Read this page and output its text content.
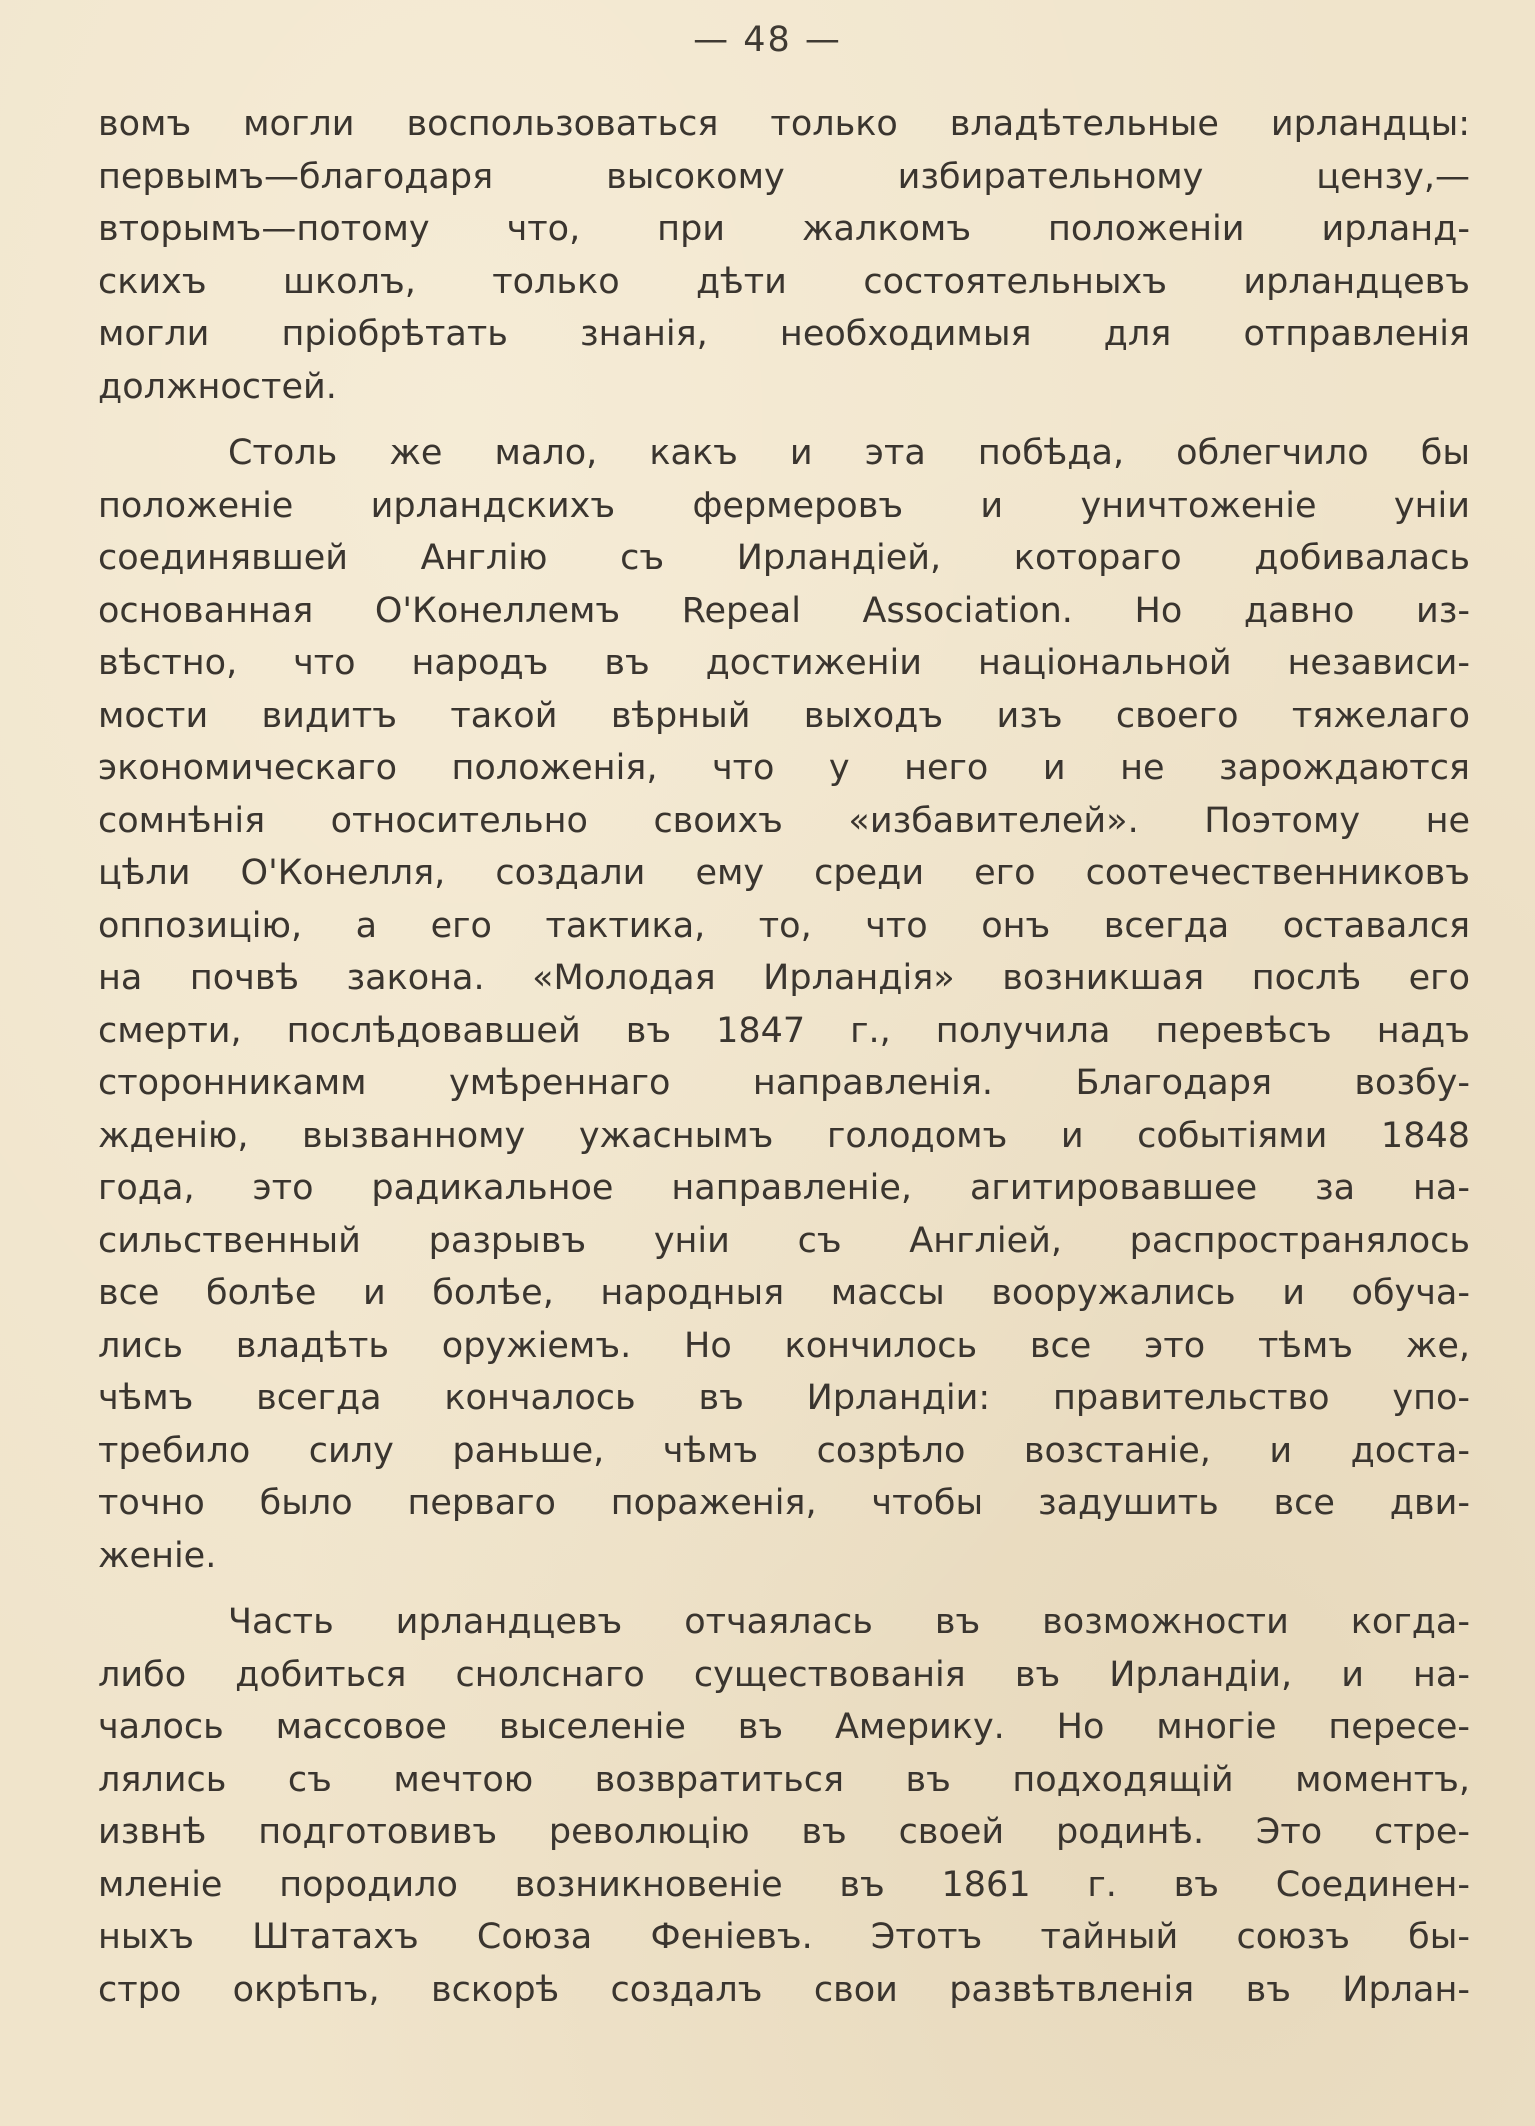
— 48 —
вомъ могли воспользоваться только владѣтельные ирландцы:
первымъ—благодаря высокому избирательному цензу,—
вторымъ—потому что, при жалкомъ положенiи ирланд-
скихъ школъ, только дѣти состоятельныхъ ирландцевъ
могли прiобрѣтать знанiя, необходимыя для отправленiя
должностей.
Столь же мало, какъ и эта побѣда, облегчило бы
положенiе ирландскихъ фермеровъ и уничтоженiе унiи
соединявшей Англiю съ Ирландiей, котораго добивалась
основанная О'Конеллемъ Repeal Association. Но давно из-
вѣстно, что народъ въ достиженiи нацiональной независи-
мости видитъ такой вѣрный выходъ изъ своего тяжелаго
экономическаго положенiя, что у него и не зарождаются
сомнѣнiя относительно своихъ «избавителей». Поэтому не
цѣли О'Конелля, создали ему среди его соотечественниковъ
оппозицiю, а его тактика, то, что онъ всегда оставался
на почвѣ закона. «Молодая Ирландiя» возникшая послѣ его
смерти, послѣдовавшей въ 1847 г., получила перевѣсъ надъ
сторонникамм умѣреннаго направленiя. Благодаря возбу-
жденiю, вызванному ужаснымъ голодомъ и событiями 1848
года, это радикальное направленiе, агитировавшее за на-
сильственный разрывъ унiи съ Англiей, распространялось
все болѣе и болѣе, народныя массы вооружались и обуча-
лись владѣть оружiемъ. Но кончилось все это тѣмъ же,
чѣмъ всегда кончалось въ Ирландiи: правительство упо-
требило силу раньше, чѣмъ созрѣло возстанiе, и доста-
точно было перваго пораженiя, чтобы задушить все дви-
женiе.
Часть ирландцевъ отчаялась въ возможности когда-
либо добиться снолснаго существованiя въ Ирландiи, и на-
чалось массовое выселенiе въ Америку. Но многiе пересе-
лялись съ мечтою возвратиться въ подходящiй моментъ,
извнѣ подготовивъ революцiю въ своей родинѣ. Это стре-
мленiе породило возникновенiе въ 1861 г. въ Соединен-
ныхъ Штатахъ Союза Фенiевъ. Этотъ тайный союзъ бы-
стро окрѣпъ, вскорѣ создалъ свои развѣтвленiя въ Ирлан-
